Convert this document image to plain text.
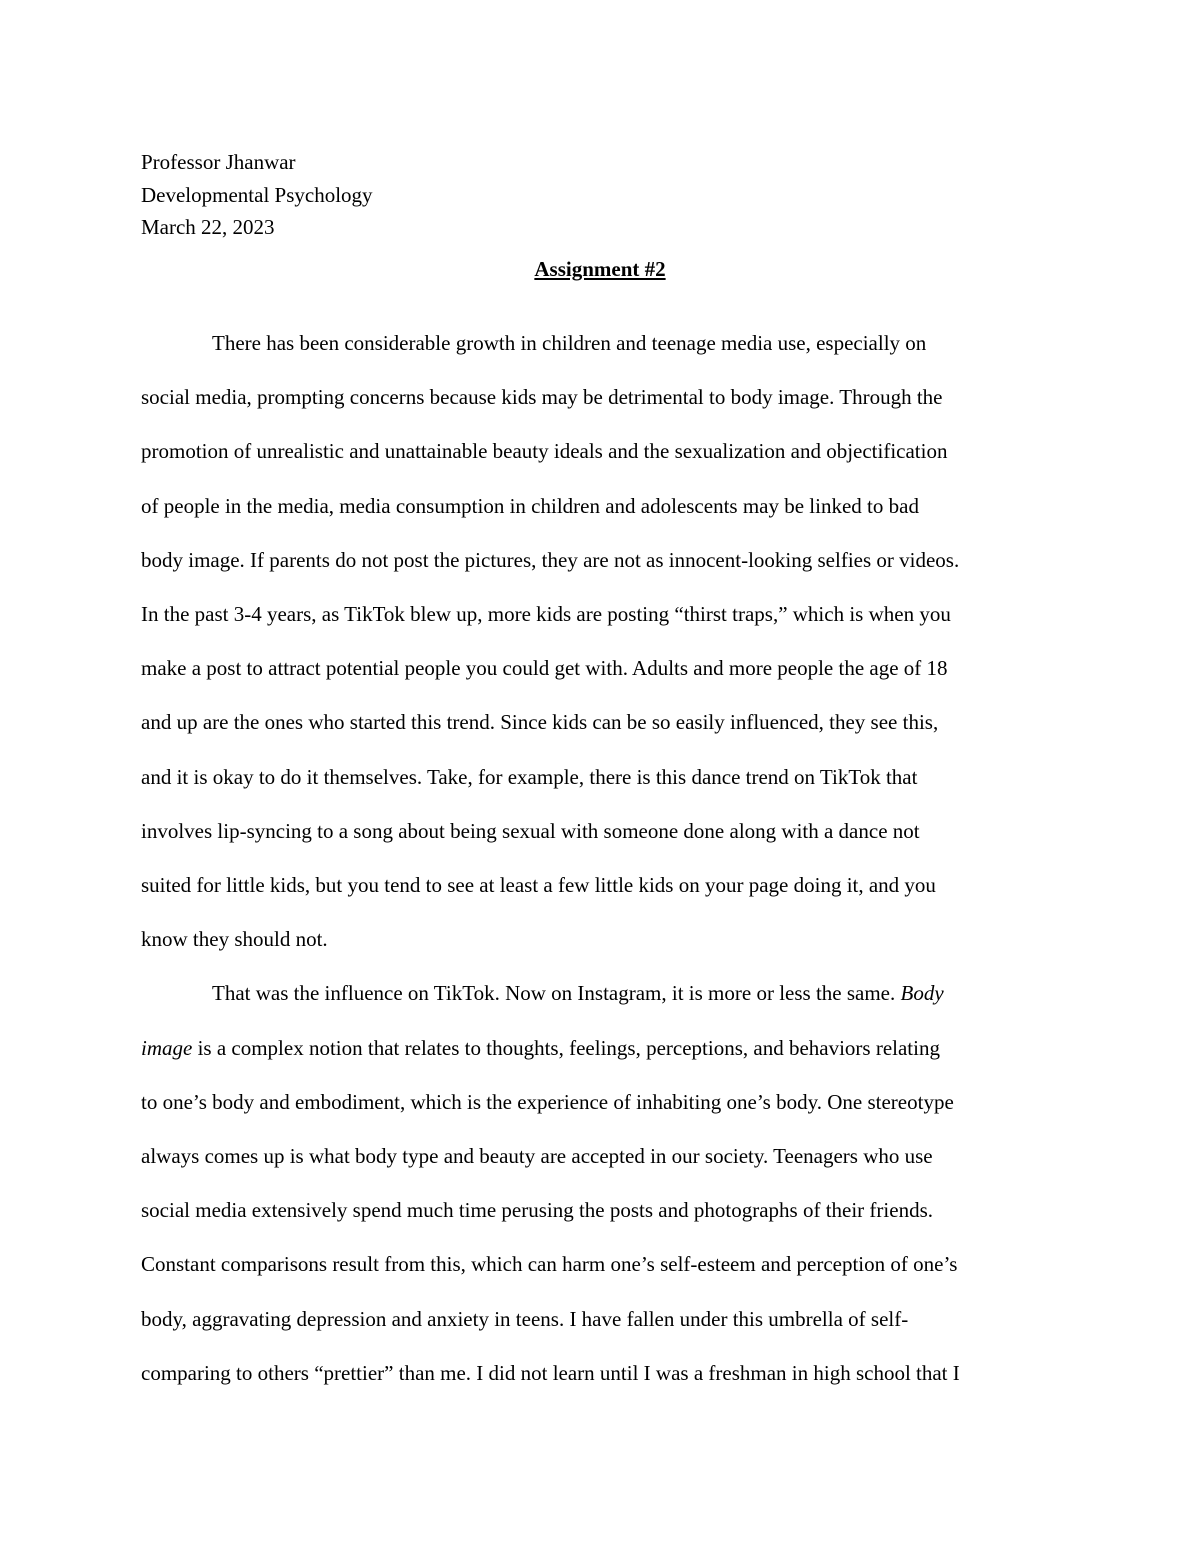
Professor Jhanwar
Developmental Psychology
March 22, 2023
Assignment #2
There has been considerable growth in children and teenage media use, especially on
social media, prompting concerns because kids may be detrimental to body image. Through the
promotion of unrealistic and unattainable beauty ideals and the sexualization and objectification
of people in the media, media consumption in children and adolescents may be linked to bad
body image. If parents do not post the pictures, they are not as innocent-looking selfies or videos.
In the past 3-4 years, as TikTok blew up, more kids are posting “thirst traps,” which is when you
make a post to attract potential people you could get with. Adults and more people the age of 18
and up are the ones who started this trend. Since kids can be so easily influenced, they see this,
and it is okay to do it themselves. Take, for example, there is this dance trend on TikTok that
involves lip-syncing to a song about being sexual with someone done along with a dance not
suited for little kids, but you tend to see at least a few little kids on your page doing it, and you
know they should not.
That was the influence on TikTok. Now on Instagram, it is more or less the same. Body
image is a complex notion that relates to thoughts, feelings, perceptions, and behaviors relating
to one’s body and embodiment, which is the experience of inhabiting one’s body. One stereotype
always comes up is what body type and beauty are accepted in our society. Teenagers who use
social media extensively spend much time perusing the posts and photographs of their friends.
Constant comparisons result from this, which can harm one’s self-esteem and perception of one’s
body, aggravating depression and anxiety in teens. I have fallen under this umbrella of self-
comparing to others “prettier” than me. I did not learn until I was a freshman in high school that I
